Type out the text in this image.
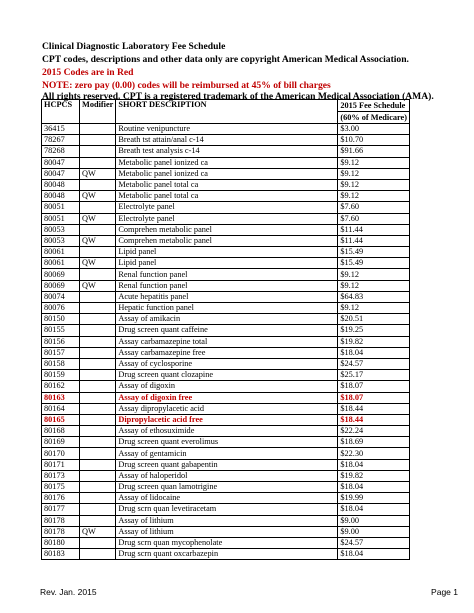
Clinical Diagnostic Laboratory Fee Schedule
CPT codes, descriptions and other data only are copyright American Medical Association.
2015 Codes are in Red
NOTE: zero pay (0.00) codes will be reimbursed at 45% of bill charges
All rights reserved. CPT is a registered trademark of the American Medical Association (AMA).
HCPCS	Modifier	SHORT DESCRIPTION	2015 Fee Schedule
			(60% of Medicare)
36415		Routine venipuncture	$3.00
78267		Breath tst attain/anal c-14	$10.70
78268		Breath test analysis c-14	$91.66
80047		Metabolic panel ionized ca	$9.12
80047	QW	Metabolic panel ionized ca	$9.12
80048		Metabolic panel total ca	$9.12
80048	QW	Metabolic panel total ca	$9.12
80051		Electrolyte panel	$7.60
80051	QW	Electrolyte panel	$7.60
80053		Comprehen metabolic panel	$11.44
80053	QW	Comprehen metabolic panel	$11.44
80061		Lipid panel	$15.49
80061	QW	Lipid panel	$15.49
80069		Renal function panel	$9.12
80069	QW	Renal function panel	$9.12
80074		Acute hepatitis panel	$64.83
80076		Hepatic function panel	$9.12
80150		Assay of amikacin	$20.51
80155		Drug screen quant caffeine	$19.25
80156		Assay carbamazepine total	$19.82
80157		Assay carbamazepine free	$18.04
80158		Assay of cyclosporine	$24.57
80159		Drug screen quant clozapine	$25.17
80162		Assay of digoxin	$18.07
80163		Assay of digoxin free	$18.07
80164		Assay dipropylacetic acid	$18.44
80165		Dipropylacetic acid free	$18.44
80168		Assay of ethosuximide	$22.24
80169		Drug screen quant everolimus	$18.69
80170		Assay of gentamicin	$22.30
80171		Drug screen quant gabapentin	$18.04
80173		Assay of haloperidol	$19.82
80175		Drug screen quan lamotrigine	$18.04
80176		Assay of lidocaine	$19.99
80177		Drug scrn quan levetiracetam	$18.04
80178		Assay of lithium	$9.00
80178	QW	Assay of lithium	$9.00
80180		Drug scrn quan mycophenolate	$24.57
80183		Drug scrn quant oxcarbazepin	$18.04
Rev. Jan. 2015	Page 1
